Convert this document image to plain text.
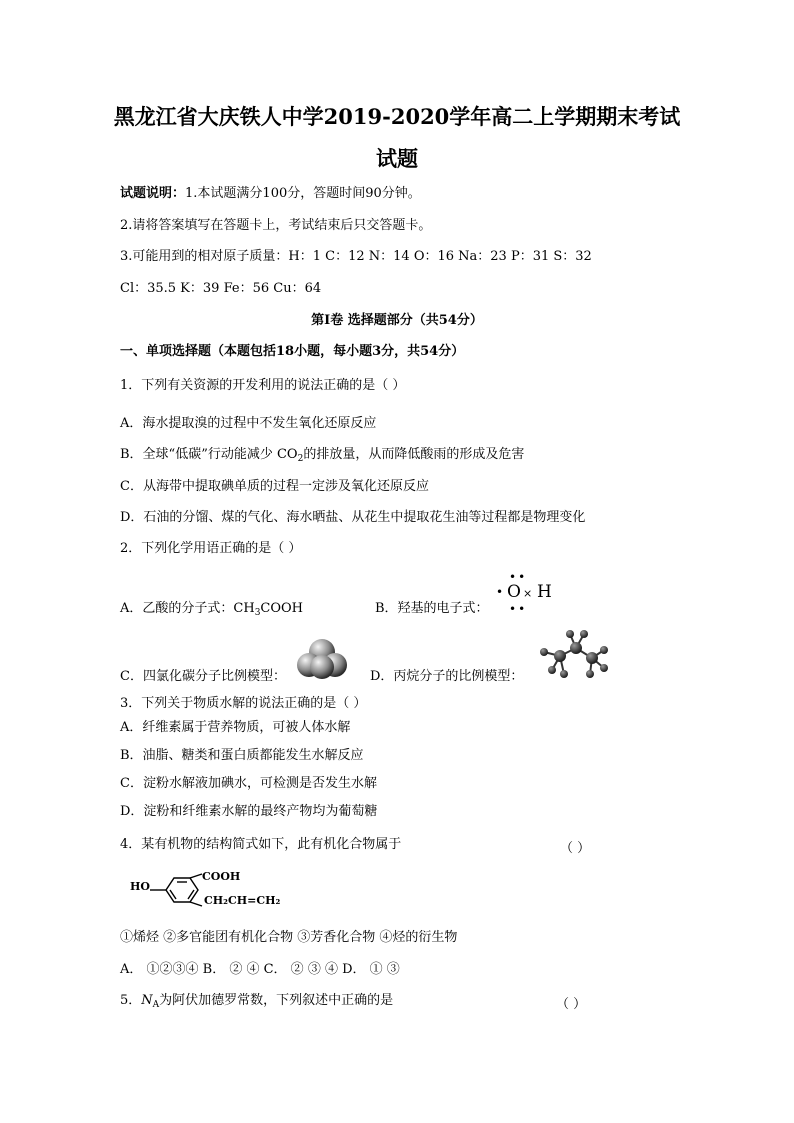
黑龙江省大庆铁人中学2019-2020学年高二上学期期末考试
试题
试题说明：1.本试题满分100分，答题时间90分钟。
2.请将答案填写在答题卡上，考试结束后只交答题卡。
3.可能用到的相对原子质量：H：1 C：12 N：14 O：16 Na：23 P：31 S：32
Cl：35.5 K：39 Fe：56 Cu：64
第Ⅰ卷 选择题部分（共54分）
一、单项选择题（本题包括18小题，每小题3分，共54分）
1．下列有关资源的开发利用的说法正确的是（ ）
A．海水提取溴的过程中不发生氧化还原反应
B．全球“低碳”行动能减少 $CO_2$的排放量，从而降低酸雨的形成及危害
C．从海带中提取碘单质的过程一定涉及氧化还原反应
D．石油的分馏、煤的气化、海水晒盐、从花生中提取花生油等过程都是物理变化
2．下列化学用语正确的是（ ）
A．乙酸的分子式：$CH_3COOH$	B．羟基的电子式：
••
• O × H
••
C．四氯化碳分子比例模型：	D．丙烷分子的比例模型：
3．下列关于物质水解的说法正确的是（ ）
A．纤维素属于营养物质，可被人体水解
B．油脂、糖类和蛋白质都能发生水解反应
C．淀粉水解液加碘水，可检测是否发生水解
D．淀粉和纤维素水解的最终产物均为葡萄糖
4．某有机物的结构简式如下，此有机化合物属于	（ ）
HO
COOH
CH₂CH=CH₂
①烯烃 ②多官能团有机化合物 ③芳香化合物 ④烃的衍生物
A． ①②③④ B． ② ④ C． ② ③ ④ D． ① ③
5．$N_A$为阿伏加德罗常数，下列叙述中正确的是	（ ）
